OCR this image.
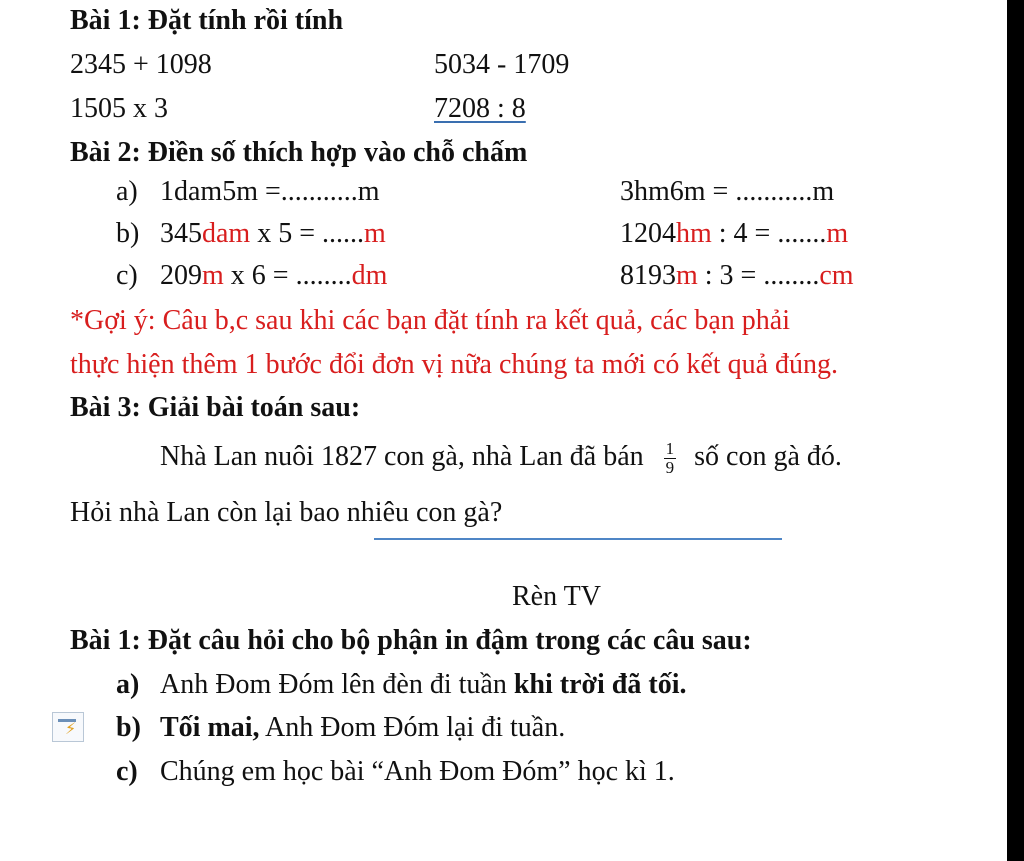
Bài 1: Đặt tính rồi tính
2345 + 1098	5034 - 1709
1505 x 3	7208 : 8
Bài 2: Điền số thích hợp vào chỗ chấm
a) 1dam5m =...........m	3hm6m = ...........m
b) 345dam x 5 = ......m	1204hm : 4 = .......m
c) 209m x 6 = ........dm	8193m : 3 = ........cm
*Gợi ý: Câu b,c sau khi các bạn đặt tính ra kết quả, các bạn phải
thực hiện thêm 1 bước đổi đơn vị nữa chúng ta mới có kết quả đúng.
Bài 3: Giải bài toán sau:
Nhà Lan nuôi 1827 con gà, nhà Lan đã bán $\frac{1}{9}$ số con gà đó.
Hỏi nhà Lan còn lại bao nhiêu con gà?
Rèn TV
Bài 1: Đặt câu hỏi cho bộ phận in đậm trong các câu sau:
a) Anh Đom Đóm lên đèn đi tuần khi trời đã tối.
⚡ b) Tối mai, Anh Đom Đóm lại đi tuần.
c) Chúng em học bài “Anh Đom Đóm” học kì 1.
